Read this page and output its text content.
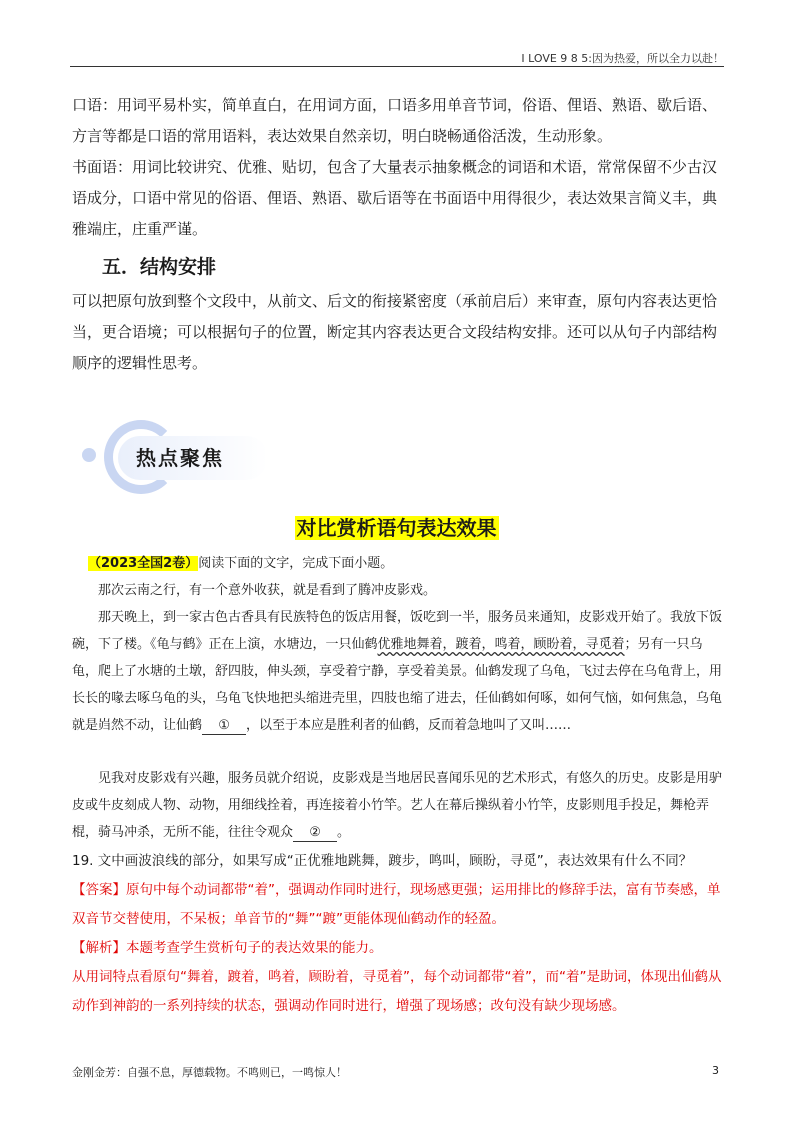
I LOVE 9 8 5:因为热爱，所以全力以赴！
口语：用词平易朴实，简单直白，在用词方面，口语多用单音节词，俗语、俚语、熟语、歇后语、方言等都是口语的常用语料，表达效果自然亲切，明白晓畅通俗活泼，生动形象。
书面语：用词比较讲究、优雅、贴切，包含了大量表示抽象概念的词语和术语，常常保留不少古汉语成分，口语中常见的俗语、俚语、熟语、歇后语等在书面语中用得很少，表达效果言简义丰，典雅端庄，庄重严谨。
五．结构安排
可以把原句放到整个文段中，从前文、后文的衔接紧密度（承前启后）来审查，原句内容表达更恰当，更合语境；可以根据句子的位置，断定其内容表达更合文段结构安排。还可以从句子内部结构顺序的逻辑性思考。
热点聚焦
对比赏析语句表达效果
（2023全国2卷）阅读下面的文字，完成下面小题。
那次云南之行，有一个意外收获，就是看到了腾冲皮影戏。
那天晚上，到一家古色古香具有民族特色的饭店用餐，饭吃到一半，服务员来通知，皮影戏开始了。我放下饭碗，下了楼。《龟与鹤》正在上演，水塘边，一只仙鹤优雅地舞着，踱着，鸣着，顾盼着，寻觅着；另有一只乌龟，爬上了水塘的土墩，舒四肢，伸头颈，享受着宁静，享受着美景。仙鹤发现了乌龟，飞过去停在乌龟背上，用长长的喙去啄乌龟的头，乌龟飞快地把头缩进壳里，四肢也缩了进去，任仙鹤如何啄，如何气恼，如何焦急，乌龟就是岿然不动，让仙鹤 ① ，以至于本应是胜利者的仙鹤，反而着急地叫了又叫……
见我对皮影戏有兴趣，服务员就介绍说，皮影戏是当地居民喜闻乐见的艺术形式，有悠久的历史。皮影是用驴皮或牛皮刻成人物、动物，用细线拴着，再连接着小竹竿。艺人在幕后操纵着小竹竿，皮影则甩手投足，舞枪弄棍，骑马冲杀，无所不能，往往令观众 ② 。
19. 文中画波浪线的部分，如果写成“正优雅地跳舞，踱步，鸣叫，顾盼，寻觅”，表达效果有什么不同？
【答案】原句中每个动词都带“着”，强调动作同时进行，现场感更强；运用排比的修辞手法，富有节奏感，单双音节交替使用，不呆板；单音节的“舞”“踱”更能体现仙鹤动作的轻盈。
【解析】本题考查学生赏析句子的表达效果的能力。
从用词特点看原句“舞着，踱着，鸣着，顾盼着，寻觅着”，每个动词都带“着”，而“着”是助词，体现出仙鹤从动作到神韵的一系列持续的状态，强调动作同时进行，增强了现场感；改句没有缺少现场感。
金刚金芳：自强不息，厚德载物。不鸣则已，一鸣惊人！	3
